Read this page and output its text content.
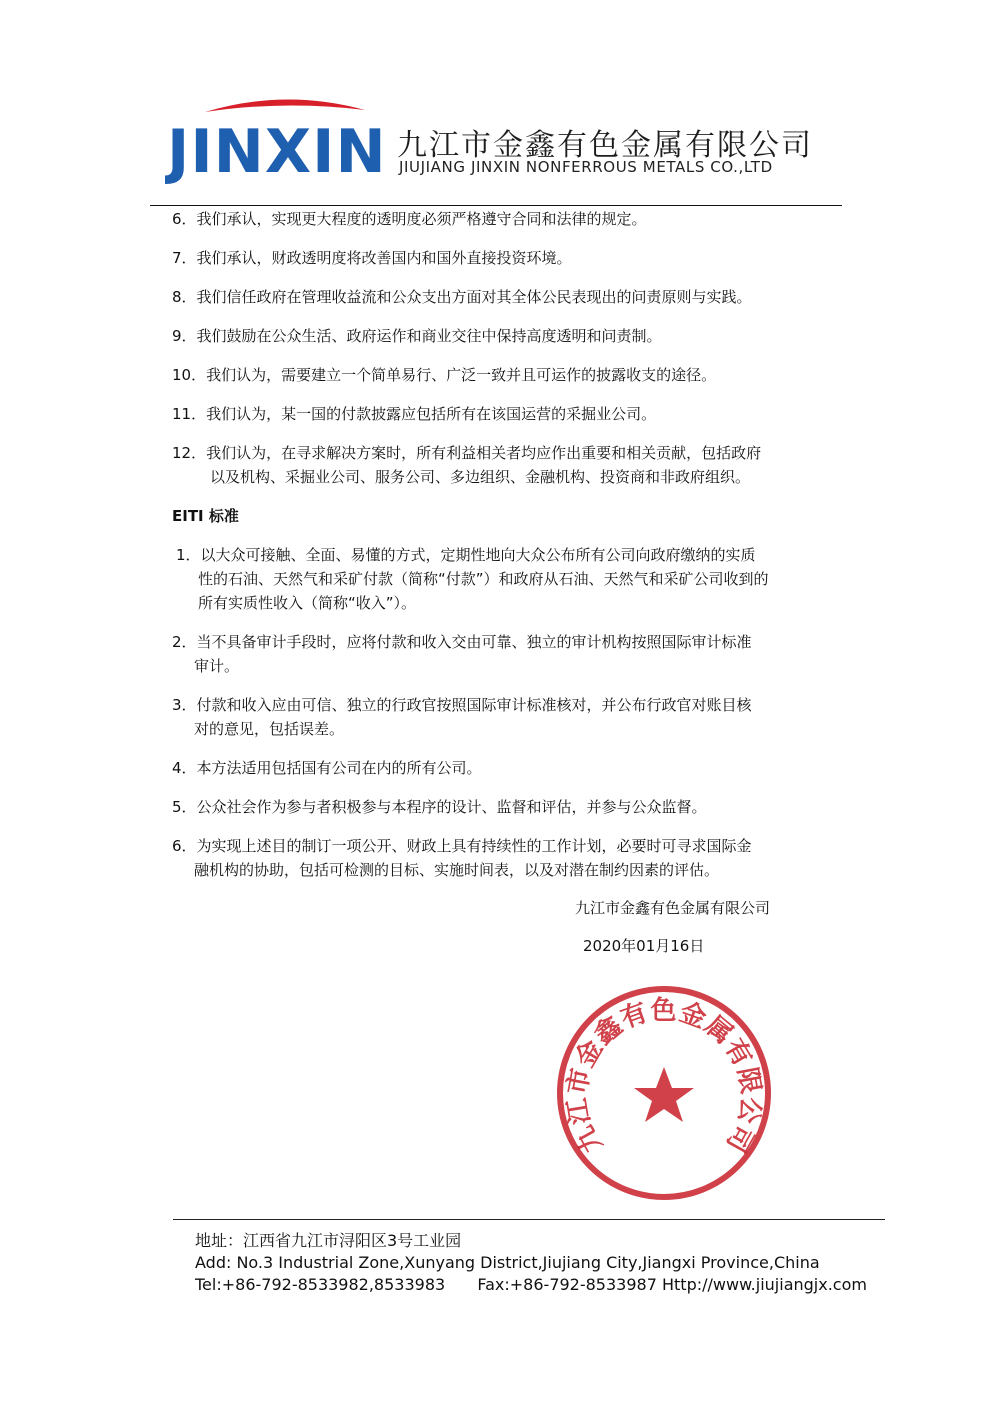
JINXIN 九江市金鑫有色金属有限公司
JIUJIANG JINXIN NONFERROUS METALS CO.,LTD
6．我们承认，实现更大程度的透明度必须严格遵守合同和法律的规定。
7．我们承认，财政透明度将改善国内和国外直接投资环境。
8．我们信任政府在管理收益流和公众支出方面对其全体公民表现出的问责原则与实践。
9．我们鼓励在公众生活、政府运作和商业交往中保持高度透明和问责制。
10．我们认为，需要建立一个简单易行、广泛一致并且可运作的披露收支的途径。
11．我们认为，某一国的付款披露应包括所有在该国运营的采掘业公司。
12．我们认为，在寻求解决方案时，所有利益相关者均应作出重要和相关贡献，包括政府
以及机构、采掘业公司、服务公司、多边组织、金融机构、投资商和非政府组织。
EITI 标准
1．以大众可接触、全面、易懂的方式，定期性地向大众公布所有公司向政府缴纳的实质
性的石油、天然气和采矿付款（简称“付款”）和政府从石油、天然气和采矿公司收到的
所有实质性收入（简称“收入”）。
2．当不具备审计手段时，应将付款和收入交由可靠、独立的审计机构按照国际审计标准
审计。
3．付款和收入应由可信、独立的行政官按照国际审计标准核对，并公布行政官对账目核
对的意见，包括误差。
4．本方法适用包括国有公司在内的所有公司。
5．公众社会作为参与者积极参与本程序的设计、监督和评估，并参与公众监督。
6．为实现上述目的制订一项公开、财政上具有持续性的工作计划，必要时可寻求国际金
融机构的协助，包括可检测的目标、实施时间表，以及对潜在制约因素的评估。
九江市金鑫有色金属有限公司
2020年01月16日
九江市金鑫有色金属有限公司
地址：江西省九江市浔阳区3号工业园
Add: No.3 Industrial Zone,Xunyang District,Jiujiang City,Jiangxi Province,China
Tel:+86-792-8533982,8533983 Fax:+86-792-8533987 Http://www.jiujiangjx.com
